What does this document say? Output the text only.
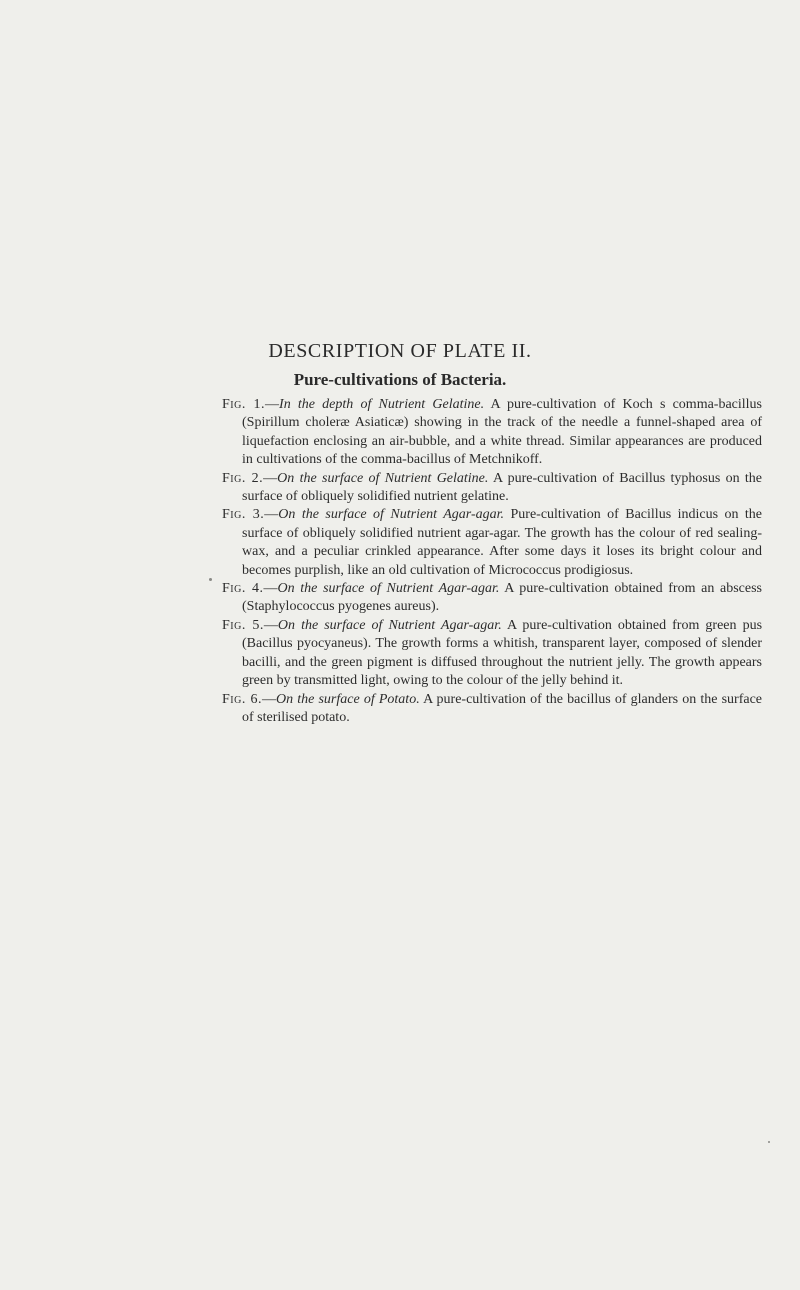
DESCRIPTION OF PLATE II.
Pure-cultivations of Bacteria.

Fig. 1.—In the depth of Nutrient Gelatine. A pure-cultivation of Koch s comma-bacillus (Spirillum choleræ Asiaticæ) showing in the track of the needle a funnel-shaped area of liquefaction enclosing an air-bubble, and a white thread. Similar appearances are produced in cultivations of the comma-bacillus of Metchnikoff.

Fig. 2.—On the surface of Nutrient Gelatine. A pure-cultivation of Bacillus typhosus on the surface of obliquely solidified nutrient gelatine.

Fig. 3.—On the surface of Nutrient Agar-agar. Pure-cultivation of Bacillus indicus on the surface of obliquely solidified nutrient agar-agar. The growth has the colour of red sealing-wax, and a peculiar crinkled appearance. After some days it loses its bright colour and becomes purplish, like an old cultivation of Micrococcus prodigiosus.

Fig. 4.—On the surface of Nutrient Agar-agar. A pure-cultivation obtained from an abscess (Staphylococcus pyogenes aureus).

Fig. 5.—On the surface of Nutrient Agar-agar. A pure-cultivation obtained from green pus (Bacillus pyocyaneus). The growth forms a whitish, transparent layer, composed of slender bacilli, and the green pigment is diffused throughout the nutrient jelly. The growth appears green by transmitted light, owing to the colour of the jelly behind it.

Fig. 6.—On the surface of Potato. A pure-cultivation of the bacillus of glanders on the surface of sterilised potato.
